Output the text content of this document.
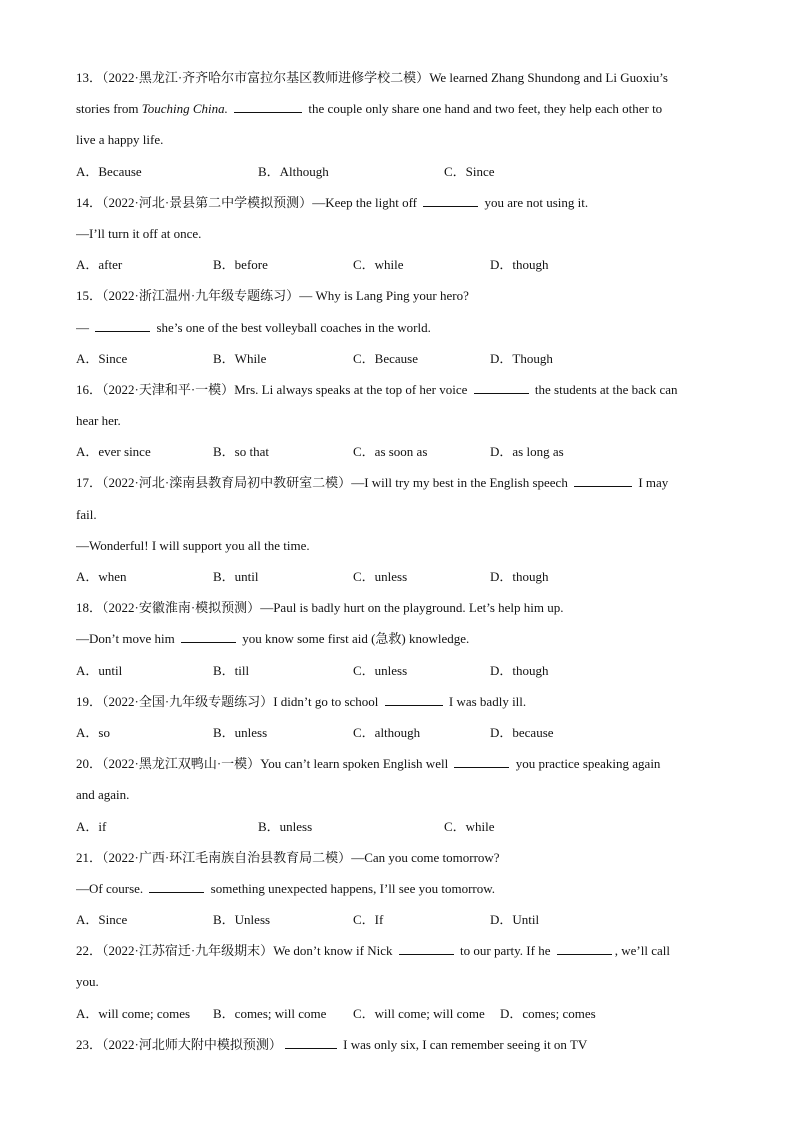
13．（2022·黑龙江·齐齐哈尔市富拉尔基区教师进修学校二模）We learned Zhang Shundong and Li Guoxiu’s
stories from Touching China.	the couple only share one hand and two feet, they help each other to
live a happy life.
A．Because	B．Although	C．Since
14．（2022·河北·景县第二中学模拟预测）—Keep the light off	you are not using it.
—I’ll turn it off at once.
A．after	B．before	C．while	D．though
15．（2022·浙江温州·九年级专题练习）— Why is Lang Ping your hero?
—	she’s one of the best volleyball coaches in the world.
A．Since	B．While	C．Because	D．Though
16．（2022·天津和平·一模）Mrs. Li always speaks at the top of her voice	the students at the back can
hear her.
A．ever since	B．so that	C．as soon as	D．as long as
17．（2022·河北·滦南县教育局初中教研室二模）—I will try my best in the English speech	I may
fail.
—Wonderful! I will support you all the time.
A．when	B．until	C．unless	D．though
18．（2022·安徽淮南·模拟预测）—Paul is badly hurt on the playground. Let’s help him up.
—Don’t move him	you know some first aid (急救) knowledge.
A．until	B．till	C．unless	D．though
19．（2022·全国·九年级专题练习）I didn’t go to school	I was badly ill.
A．so	B．unless	C．although	D．because
20．（2022·黑龙江双鸭山·一模）You can’t learn spoken English well	you practice speaking again
and again.
A．if	B．unless	C．while
21．（2022·广西·环江毛南族自治县教育局二模）—Can you come tomorrow?
—Of course.	something unexpected happens, I’ll see you tomorrow.
A．Since	B．Unless	C．If	D．Until
22．（2022·江苏宿迁·九年级期末）We don’t know if Nick	to our party. If he	, we’ll call
you.
A．will come; comes B．comes; will come C．will come; will come D．comes; comes
23．（2022·河北师大附中模拟预测）	I was only six, I can remember seeing it on TV
